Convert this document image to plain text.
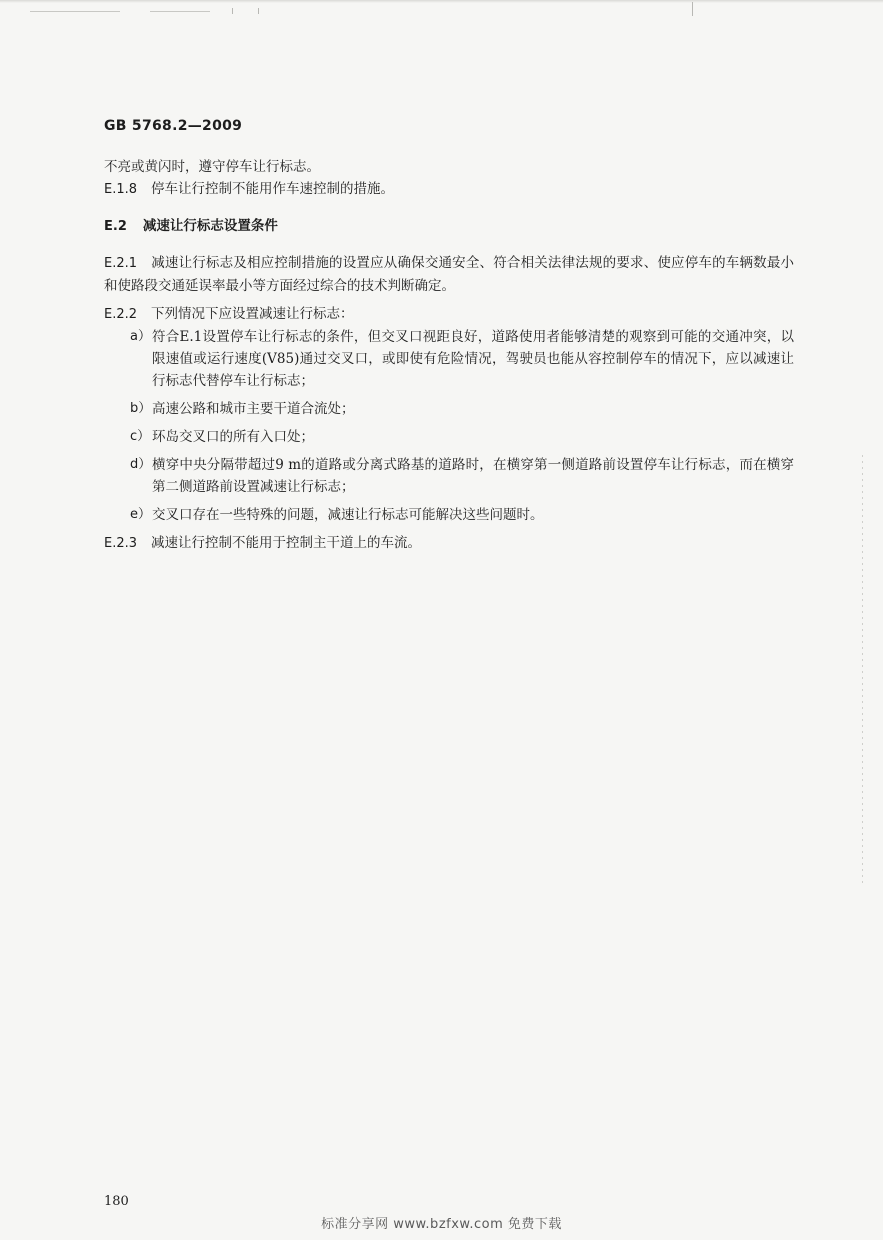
GB 5768.2—2009

不亮或黄闪时，遵守停车让行标志。

E.1.8 停车让行控制不能用作车速控制的措施。

E.2 减速让行标志设置条件

E.2.1 减速让行标志及相应控制措施的设置应从确保交通安全、符合相关法律法规的要求、使应停车的车辆数最小和使路段交通延误率最小等方面经过综合的技术判断确定。

E.2.2 下列情况下应设置减速让行标志：

a） 符合E.1设置停车让行标志的条件，但交叉口视距良好，道路使用者能够清楚的观察到可能的交通冲突，以限速值或运行速度(V85)通过交叉口，或即使有危险情况，驾驶员也能从容控制停车的情况下，应以减速让行标志代替停车让行标志；

b） 高速公路和城市主要干道合流处；

c） 环岛交叉口的所有入口处；

d） 横穿中央分隔带超过9 m的道路或分离式路基的道路时，在横穿第一侧道路前设置停车让行标志，而在横穿第二侧道路前设置减速让行标志；

e） 交叉口存在一些特殊的问题，减速让行标志可能解决这些问题时。

E.2.3 减速让行控制不能用于控制主干道上的车流。

180
标准分享网 www.bzfxw.com 免费下载
